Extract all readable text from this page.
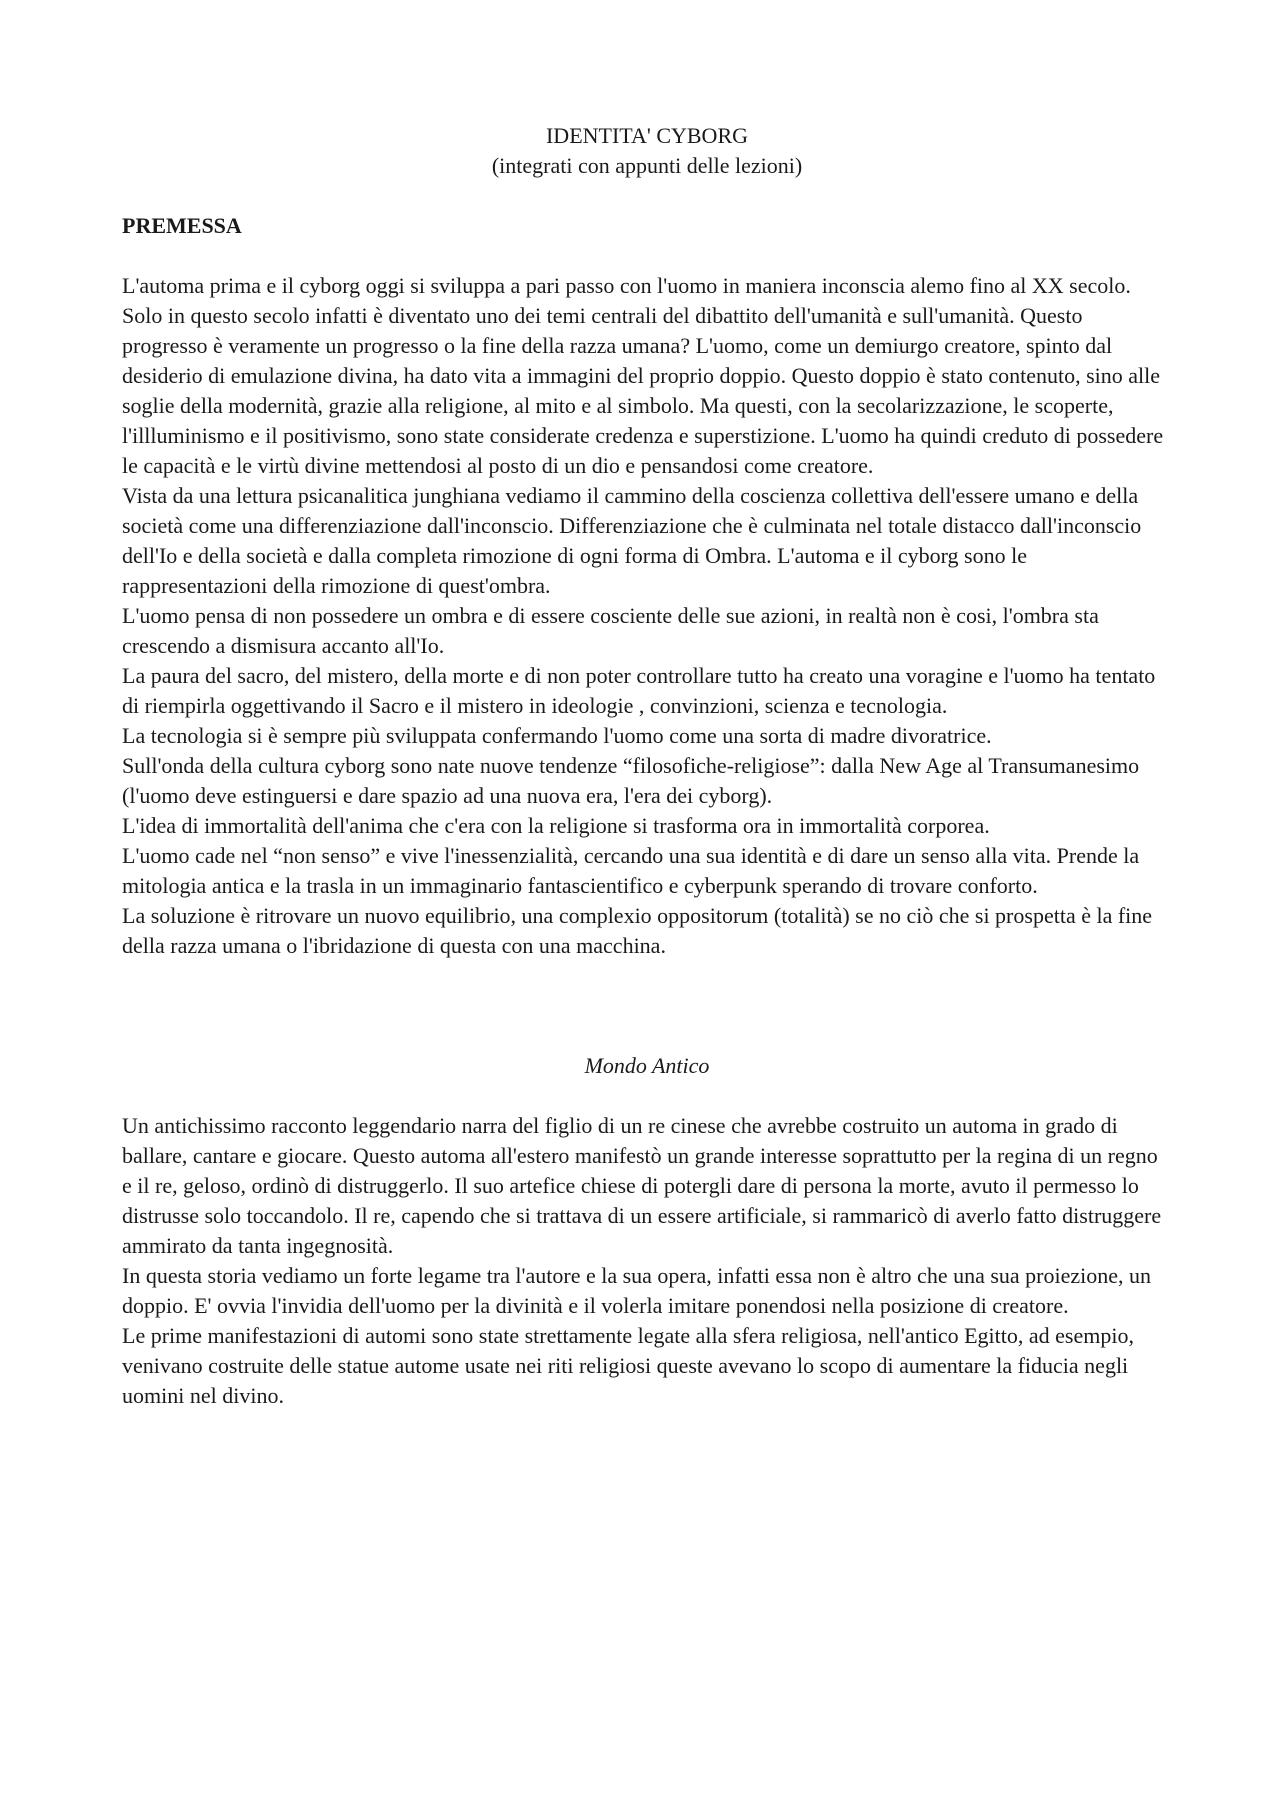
IDENTITA' CYBORG

(integrati con appunti delle lezioni)

PREMESSA

L'automa prima e il cyborg oggi si sviluppa a pari passo con l'uomo in maniera inconscia alemo fino al XX secolo. Solo in questo secolo infatti è diventato uno dei temi centrali del dibattito dell'umanità e sull'umanità. Questo progresso è veramente un progresso o la fine della razza umana? L'uomo, come un demiurgo creatore, spinto dal desiderio di emulazione divina, ha dato vita a immagini del proprio doppio. Questo doppio è stato contenuto, sino alle soglie della modernità, grazie alla religione, al mito e al simbolo. Ma questi, con la secolarizzazione, le scoperte, l'illluminismo e il positivismo, sono state considerate credenza e superstizione. L'uomo ha quindi creduto di possedere le capacità e le virtù divine mettendosi al posto di un dio e pensandosi come creatore.

Vista da una lettura psicanalitica junghiana vediamo il cammino della coscienza collettiva dell'essere umano e della società come una differenziazione dall'inconscio. Differenziazione che è culminata nel totale distacco dall'inconscio dell'Io e della società e dalla completa rimozione di ogni forma di Ombra. L'automa e il cyborg sono le rappresentazioni della rimozione di quest'ombra.

L'uomo pensa di non possedere un ombra e di essere cosciente delle sue azioni, in realtà non è cosi, l'ombra sta crescendo a dismisura accanto all'Io.

La paura del sacro, del mistero, della morte e di non poter controllare tutto ha creato una voragine e l'uomo ha tentato di riempirla oggettivando il Sacro e il mistero in ideologie , convinzioni, scienza e tecnologia.

La tecnologia si è sempre più sviluppata confermando l'uomo come una sorta di madre divoratrice.

Sull'onda della cultura cyborg sono nate nuove tendenze “filosofiche-religiose”: dalla New Age al Transumanesimo (l'uomo deve estinguersi e dare spazio ad una nuova era, l'era dei cyborg).

L'idea di immortalità dell'anima che c'era con la religione si trasforma ora in immortalità corporea.

L'uomo cade nel “non senso” e vive l'inessenzialità, cercando una sua identità e di dare un senso alla vita. Prende la mitologia antica e la trasla in un immaginario fantascientifico e cyberpunk sperando di trovare conforto.

La soluzione è ritrovare un nuovo equilibrio, una complexio oppositorum (totalità) se no ciò che si prospetta è la fine della razza umana o l'ibridazione di questa con una macchina.

Mondo Antico

Un antichissimo racconto leggendario narra del figlio di un re cinese che avrebbe costruito un automa in grado di ballare, cantare e giocare. Questo automa all'estero manifestò un grande interesse soprattutto per la regina di un regno e il re, geloso, ordinò di distruggerlo. Il suo artefice chiese di potergli dare di persona la morte, avuto il permesso lo distrusse solo toccandolo. Il re, capendo che si trattava di un essere artificiale, si rammaricò di averlo fatto distruggere ammirato da tanta ingegnosità.

In questa storia vediamo un forte legame tra l'autore e la sua opera, infatti essa non è altro che una sua proiezione, un doppio. E' ovvia l'invidia dell'uomo per la divinità e il volerla imitare ponendosi nella posizione di creatore.

Le prime manifestazioni di automi sono state strettamente legate alla sfera religiosa, nell'antico Egitto, ad esempio, venivano costruite delle statue autome usate nei riti religiosi queste avevano lo scopo di aumentare la fiducia negli uomini nel divino.
